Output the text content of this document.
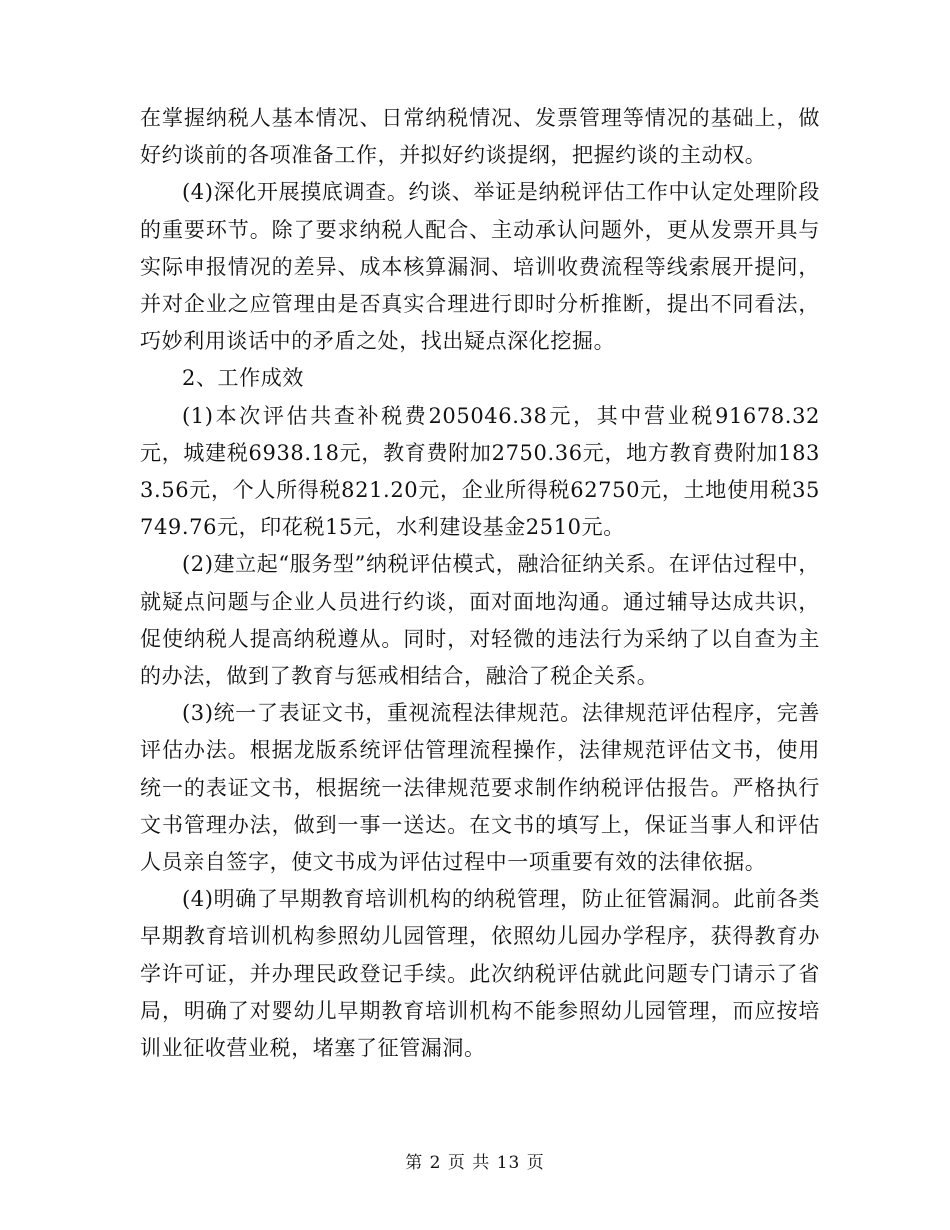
在掌握纳税人基本情况、日常纳税情况、发票管理等情况的基础上，做好约谈前的各项准备工作，并拟好约谈提纲，把握约谈的主动权。

(4)深化开展摸底调查。约谈、举证是纳税评估工作中认定处理阶段的重要环节。除了要求纳税人配合、主动承认问题外，更从发票开具与实际申报情况的差异、成本核算漏洞、培训收费流程等线索展开提问，并对企业之应管理由是否真实合理进行即时分析推断，提出不同看法，巧妙利用谈话中的矛盾之处，找出疑点深化挖掘。

2、工作成效

(1)本次评估共查补税费205046.38元，其中营业税91678.32元，城建税6938.18元，教育费附加2750.36元，地方教育费附加1833.56元，个人所得税821.20元，企业所得税62750元，土地使用税35749.76元，印花税15元，水利建设基金2510元。

(2)建立起“服务型”纳税评估模式，融洽征纳关系。在评估过程中，就疑点问题与企业人员进行约谈，面对面地沟通。通过辅导达成共识，促使纳税人提高纳税遵从。同时，对轻微的违法行为采纳了以自查为主的办法，做到了教育与惩戒相结合，融洽了税企关系。

(3)统一了表证文书，重视流程法律规范。法律规范评估程序，完善评估办法。根据龙版系统评估管理流程操作，法律规范评估文书，使用统一的表证文书，根据统一法律规范要求制作纳税评估报告。严格执行文书管理办法，做到一事一送达。在文书的填写上，保证当事人和评估人员亲自签字，使文书成为评估过程中一项重要有效的法律依据。

(4)明确了早期教育培训机构的纳税管理，防止征管漏洞。此前各类早期教育培训机构参照幼儿园管理，依照幼儿园办学程序，获得教育办学许可证，并办理民政登记手续。此次纳税评估就此问题专门请示了省局，明确了对婴幼儿早期教育培训机构不能参照幼儿园管理，而应按培训业征收营业税，堵塞了征管漏洞。

第 2 页 共 13 页
